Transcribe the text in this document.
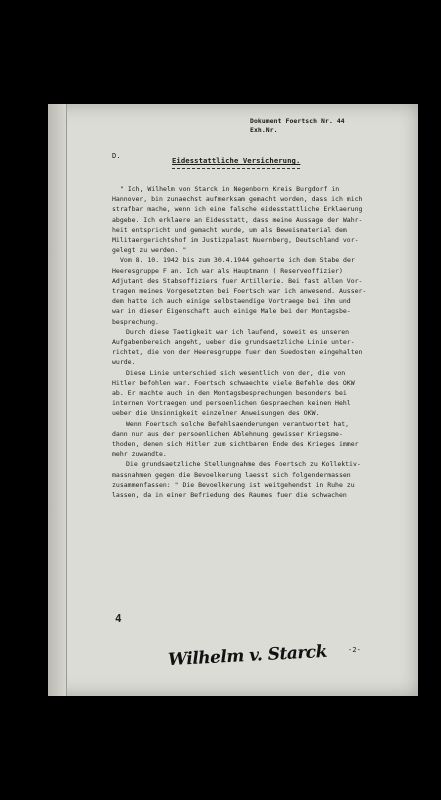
Dokument Foertsch Nr. 44
Exh.Nr.
D.	Eidesstattliche Versicherung.
" Ich, Wilhelm von Starck in Negenborn Kreis Burgdorf in
Hannover, bin zunaechst aufmerksam gemacht worden, dass ich mich
strafbar mache, wenn ich eine falsche eidesstattliche Erklaerung
abgebe. Ich erklaere an Eidesstatt, dass meine Aussage der Wahr-
heit entspricht und gemacht wurde, um als Beweismaterial dem
Militaergerichtshof im Justizpalast Nuernberg, Deutschland vor-
gelegt zu werden. "
Vom 8. 10. 1942 bis zum 30.4.1944 gehoerte ich dem Stabe der
Heeresgruppe F an. Ich war als Hauptmann ( Reserveoffizier)
Adjutant des Stabsoffiziers fuer Artillerie. Bei fast allen Vor-
tragen meines Vorgesetzten bei Foertsch war ich anwesend. Ausser-
dem hatte ich auch einige selbstaendige Vortraege bei ihm und
war in dieser Eigenschaft auch einige Male bei der Montagsbe-
besprechung.
Durch diese Taetigkeit war ich laufend, soweit es unseren
Aufgabenbereich angeht, ueber die grundsaetzliche Linie unter-
richtet, die von der Heeresgruppe fuer den Suedosten eingehalten
wurde.
Diese Linie unterschied sich wesentlich von der, die von
Hitler befohlen war. Foertsch schwaechte viele Befehle des OKW
ab. Er machte auch in den Montagsbesprechungen besonders bei
internen Vortraegen und persoenlichen Gespraechen keinen Hehl
ueber die Unsinnigkeit einzelner Anweisungen des OKW.
Wenn Foertsch solche Befehlsaenderungen verantwortet hat,
dann nur aus der persoenlichen Ablehnung gewisser Kriegsme-
thoden, denen sich Hitler zum sichtbaren Ende des Krieges immer
mehr zuwandte.
Die grundsaetzliche Stellungnahme des Foertsch zu Kollektiv-
massnahmen gegen die Bevoelkerung laesst sich folgendermassen
zusammenfassen: " Die Bevoelkerung ist weitgehendst in Ruhe zu
lassen, da in einer Befriedung des Raumes fuer die schwachen
4
Wilhelm v. Starck	-2-
